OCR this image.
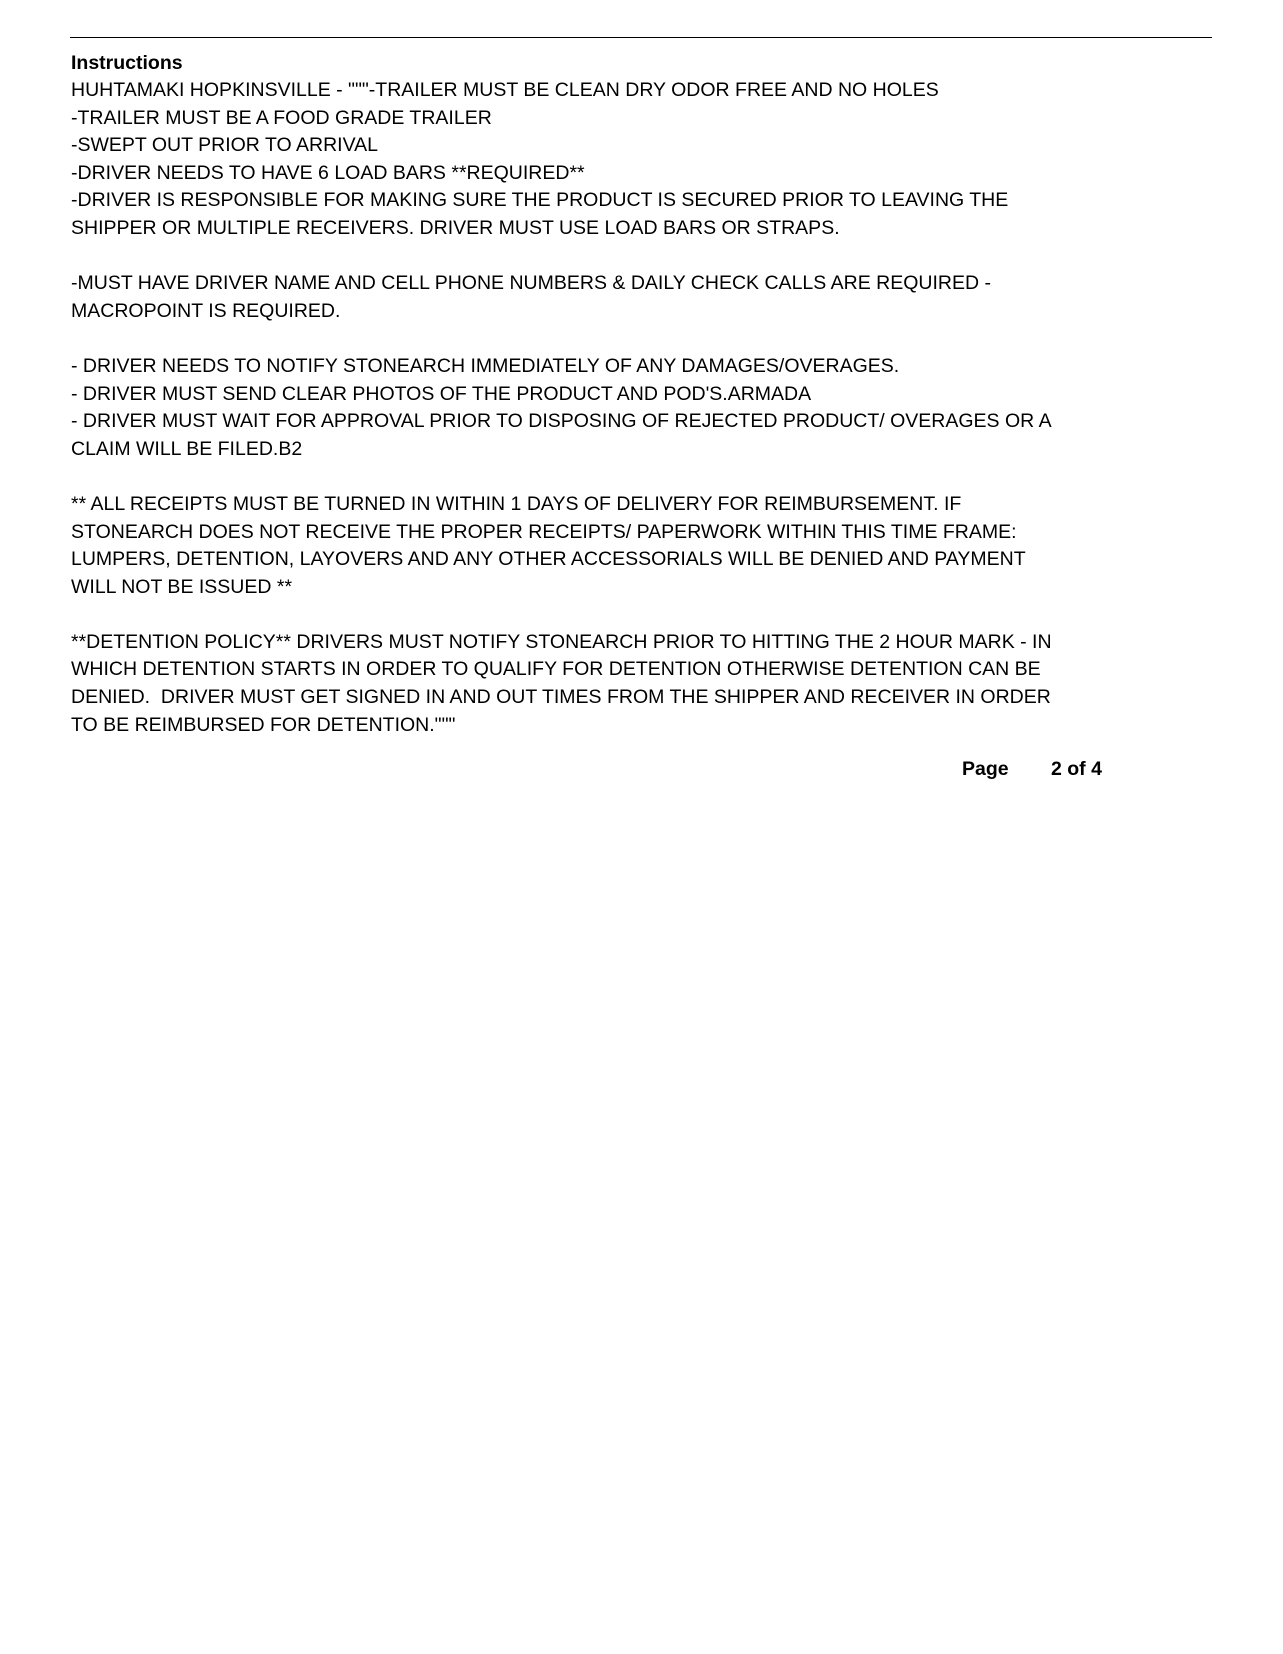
Instructions
HUHTAMAKI HOPKINSVILLE - """-TRAILER MUST BE CLEAN DRY ODOR FREE AND NO HOLES
-TRAILER MUST BE A FOOD GRADE TRAILER
-SWEPT OUT PRIOR TO ARRIVAL
-DRIVER NEEDS TO HAVE 6 LOAD BARS **REQUIRED**
-DRIVER IS RESPONSIBLE FOR MAKING SURE THE PRODUCT IS SECURED PRIOR TO LEAVING THE
SHIPPER OR MULTIPLE RECEIVERS. DRIVER MUST USE LOAD BARS OR STRAPS.
-MUST HAVE DRIVER NAME AND CELL PHONE NUMBERS & DAILY CHECK CALLS ARE REQUIRED -
MACROPOINT IS REQUIRED.
- DRIVER NEEDS TO NOTIFY STONEARCH IMMEDIATELY OF ANY DAMAGES/OVERAGES.
- DRIVER MUST SEND CLEAR PHOTOS OF THE PRODUCT AND POD'S.ARMADA
- DRIVER MUST WAIT FOR APPROVAL PRIOR TO DISPOSING OF REJECTED PRODUCT/ OVERAGES OR A
CLAIM WILL BE FILED.B2
** ALL RECEIPTS MUST BE TURNED IN WITHIN 1 DAYS OF DELIVERY FOR REIMBURSEMENT. IF
STONEARCH DOES NOT RECEIVE THE PROPER RECEIPTS/ PAPERWORK WITHIN THIS TIME FRAME:
LUMPERS, DETENTION, LAYOVERS AND ANY OTHER ACCESSORIALS WILL BE DENIED AND PAYMENT
WILL NOT BE ISSUED **
**DETENTION POLICY** DRIVERS MUST NOTIFY STONEARCH PRIOR TO HITTING THE 2 HOUR MARK - IN
WHICH DETENTION STARTS IN ORDER TO QUALIFY FOR DETENTION OTHERWISE DETENTION CAN BE
DENIED.  DRIVER MUST GET SIGNED IN AND OUT TIMES FROM THE SHIPPER AND RECEIVER IN ORDER
TO BE REIMBURSED FOR DETENTION."""
Page 2 of 4
